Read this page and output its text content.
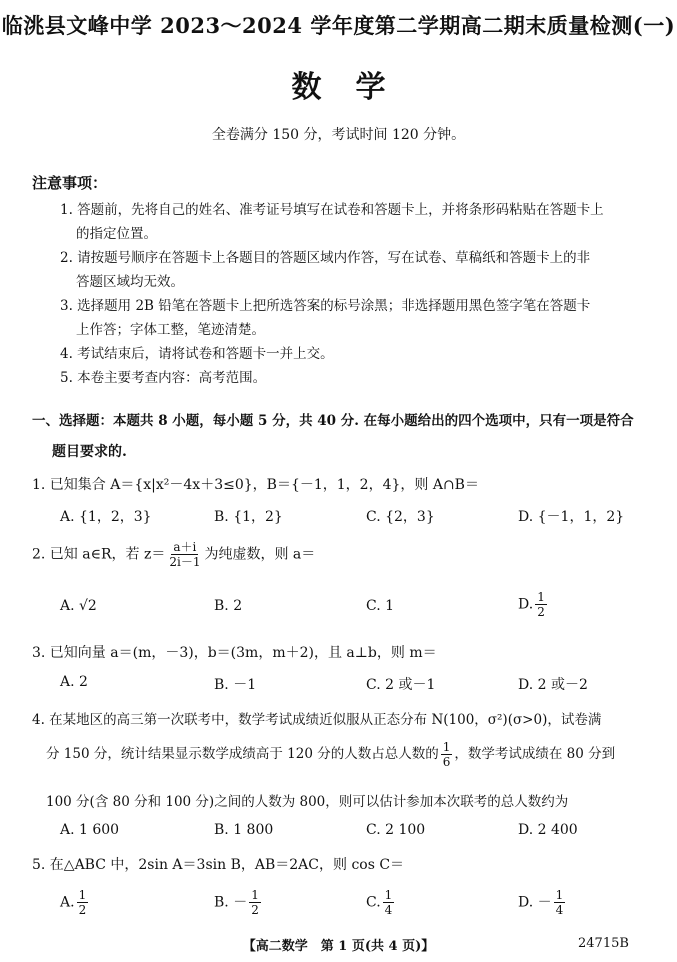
临洮县文峰中学 2023～2024 学年度第二学期高二期末质量检测(一)
数学
全卷满分 150 分，考试时间 120 分钟。
注意事项：
1. 答题前，先将自己的姓名、准考证号填写在试卷和答题卡上，并将条形码粘贴在答题卡上
的指定位置。
2. 请按题号顺序在答题卡上各题目的答题区域内作答，写在试卷、草稿纸和答题卡上的非
答题区域均无效。
3. 选择题用 2B 铅笔在答题卡上把所选答案的标号涂黑；非选择题用黑色签字笔在答题卡
上作答；字体工整，笔迹清楚。
4. 考试结束后，请将试卷和答题卡一并上交。
5. 本卷主要考查内容：高考范围。
一、选择题：本题共 8 小题，每小题 5 分，共 40 分. 在每小题给出的四个选项中，只有一项是符合
题目要求的.
1. 已知集合 A＝{x|x²－4x＋3≤0}，B＝{－1，1，2，4}，则 A∩B＝
A. {1，2，3}	B. {1，2}	C. {2，3}	D. {－1，1，2}
2. 已知 a∈R，若 $z= \frac{a+i}{2i-1}$ 为纯虚数，则 a＝
A. √2	B. 2	C. 1	D. $\frac{1}{2}$
3. 已知向量 a＝(m，－3)，b＝(3m，m＋2)，且 a⊥b，则 m＝
A. 2	B. －1	C. 2 或－1	D. 2 或－2
4. 在某地区的高三第一次联考中，数学考试成绩近似服从正态分布 N(100，σ²)(σ>0)，试卷满
分 150 分，统计结果显示数学成绩高于 120 分的人数占总人数的 $\frac{1}{6}$ ，数学考试成绩在 80 分到
100 分(含 80 分和 100 分)之间的人数为 800，则可以估计参加本次联考的总人数约为
A. 1 600	B. 1 800	C. 2 100	D. 2 400
5. 在△ABC 中，2sin A＝3sin B，AB＝2AC，则 cos C＝
A. $\frac{1}{2}$	B. － $\frac{1}{2}$	C. $\frac{1}{4}$	D. － $\frac{1}{4}$
【高二数学　第 1 页(共 4 页)】	24715B
